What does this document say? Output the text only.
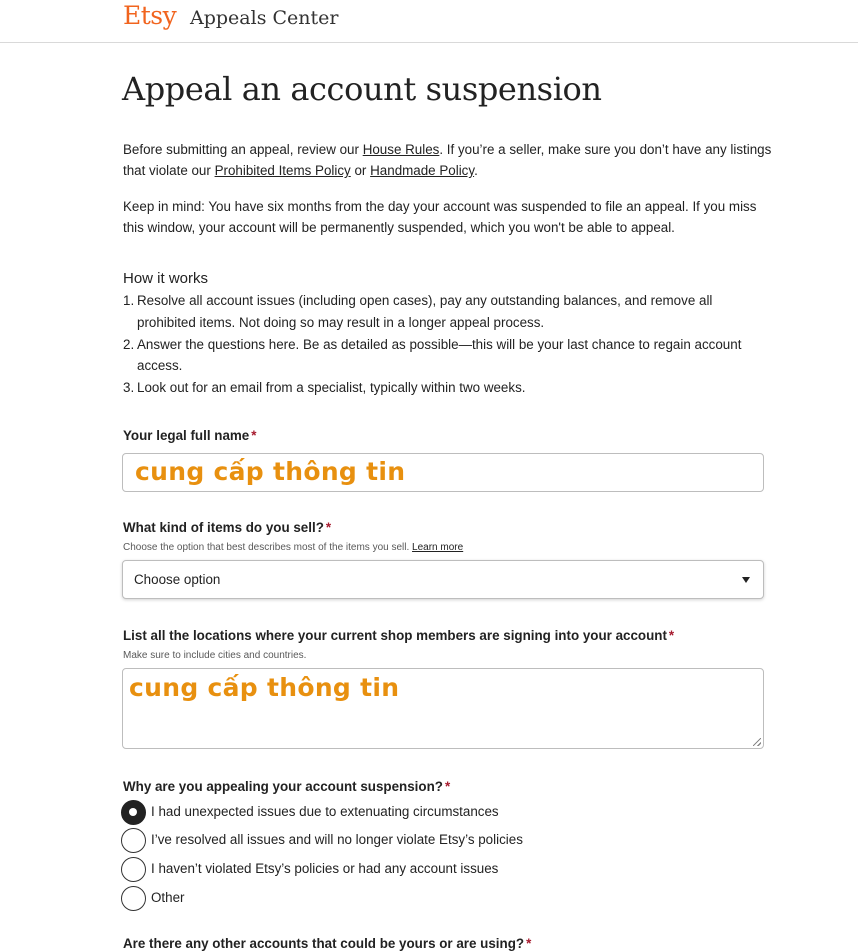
Etsy Appeals Center
Appeal an account suspension

Before submitting an appeal, review our House Rules. If you’re a seller, make sure you don’t have any listings that violate our Prohibited Items Policy or Handmade Policy.

Keep in mind: You have six months from the day your account was suspended to file an appeal. If you miss this window, your account will be permanently suspended, which you won't be able to appeal.

How it works
1. Resolve all account issues (including open cases), pay any outstanding balances, and remove all prohibited items. Not doing so may result in a longer appeal process.
2. Answer the questions here. Be as detailed as possible—this will be your last chance to regain account access.
3. Look out for an email from a specialist, typically within two weeks.

Your legal full name *

cung cấp thông tin

What kind of items do you sell? *

Choose the option that best describes most of the items you sell. Learn more

Choose option

List all the locations where your current shop members are signing into your account *

Make sure to include cities and countries.

cung cấp thông tin

Why are you appealing your account suspension? *

I had unexpected issues due to extenuating circumstances
I’ve resolved all issues and will no longer violate Etsy’s policies
I haven’t violated Etsy’s policies or had any account issues
Other

Are there any other accounts that could be yours or are using? *
